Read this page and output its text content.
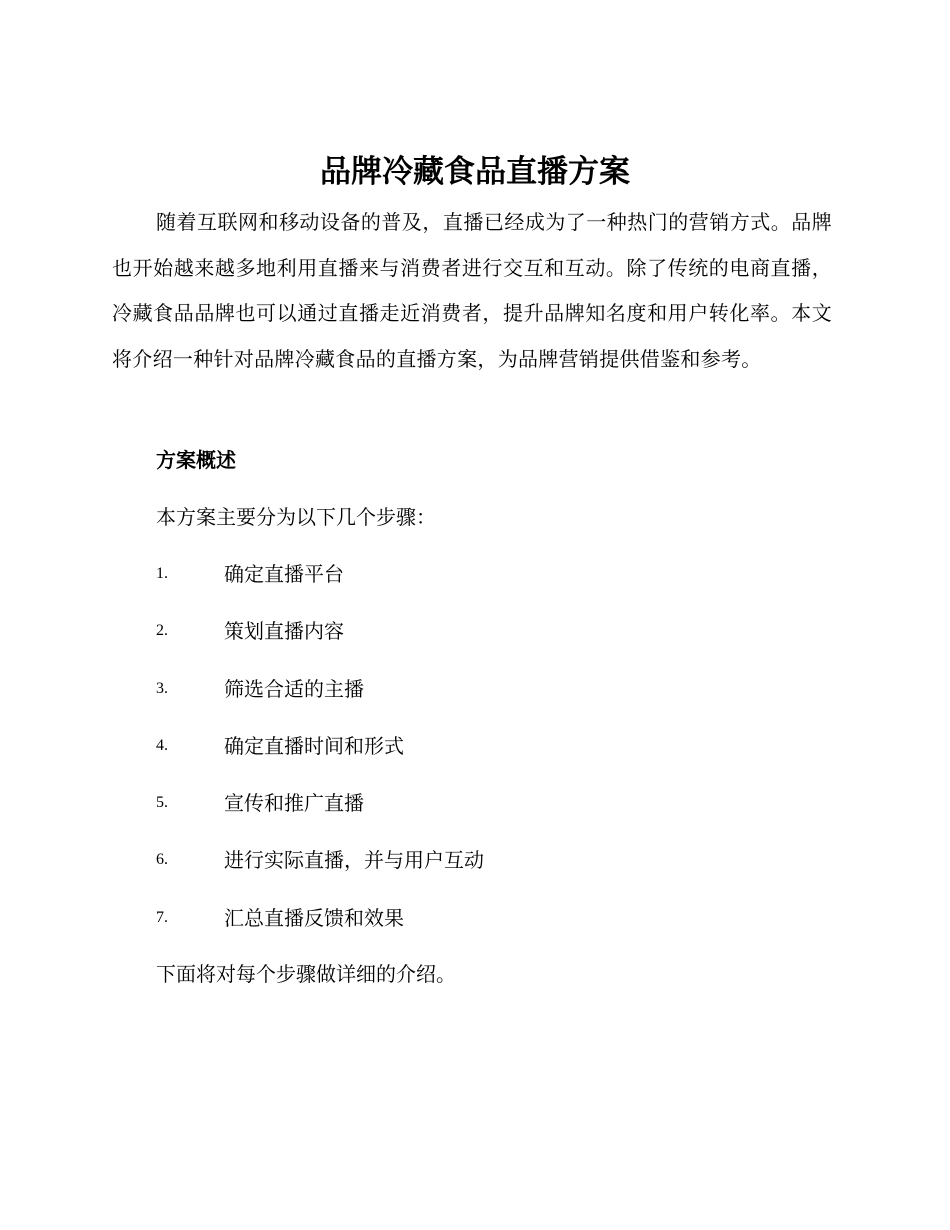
品牌冷藏食品直播方案

随着互联网和移动设备的普及，直播已经成为了一种热门的营销方式。品牌也开始越来越多地利用直播来与消费者进行交互和互动。除了传统的电商直播，冷藏食品品牌也可以通过直播走近消费者，提升品牌知名度和用户转化率。本文将介绍一种针对品牌冷藏食品的直播方案，为品牌营销提供借鉴和参考。

方案概述

本方案主要分为以下几个步骤：

1.	确定直播平台
2.	策划直播内容
3.	筛选合适的主播
4.	确定直播时间和形式
5.	宣传和推广直播
6.	进行实际直播，并与用户互动
7.	汇总直播反馈和效果

下面将对每个步骤做详细的介绍。
